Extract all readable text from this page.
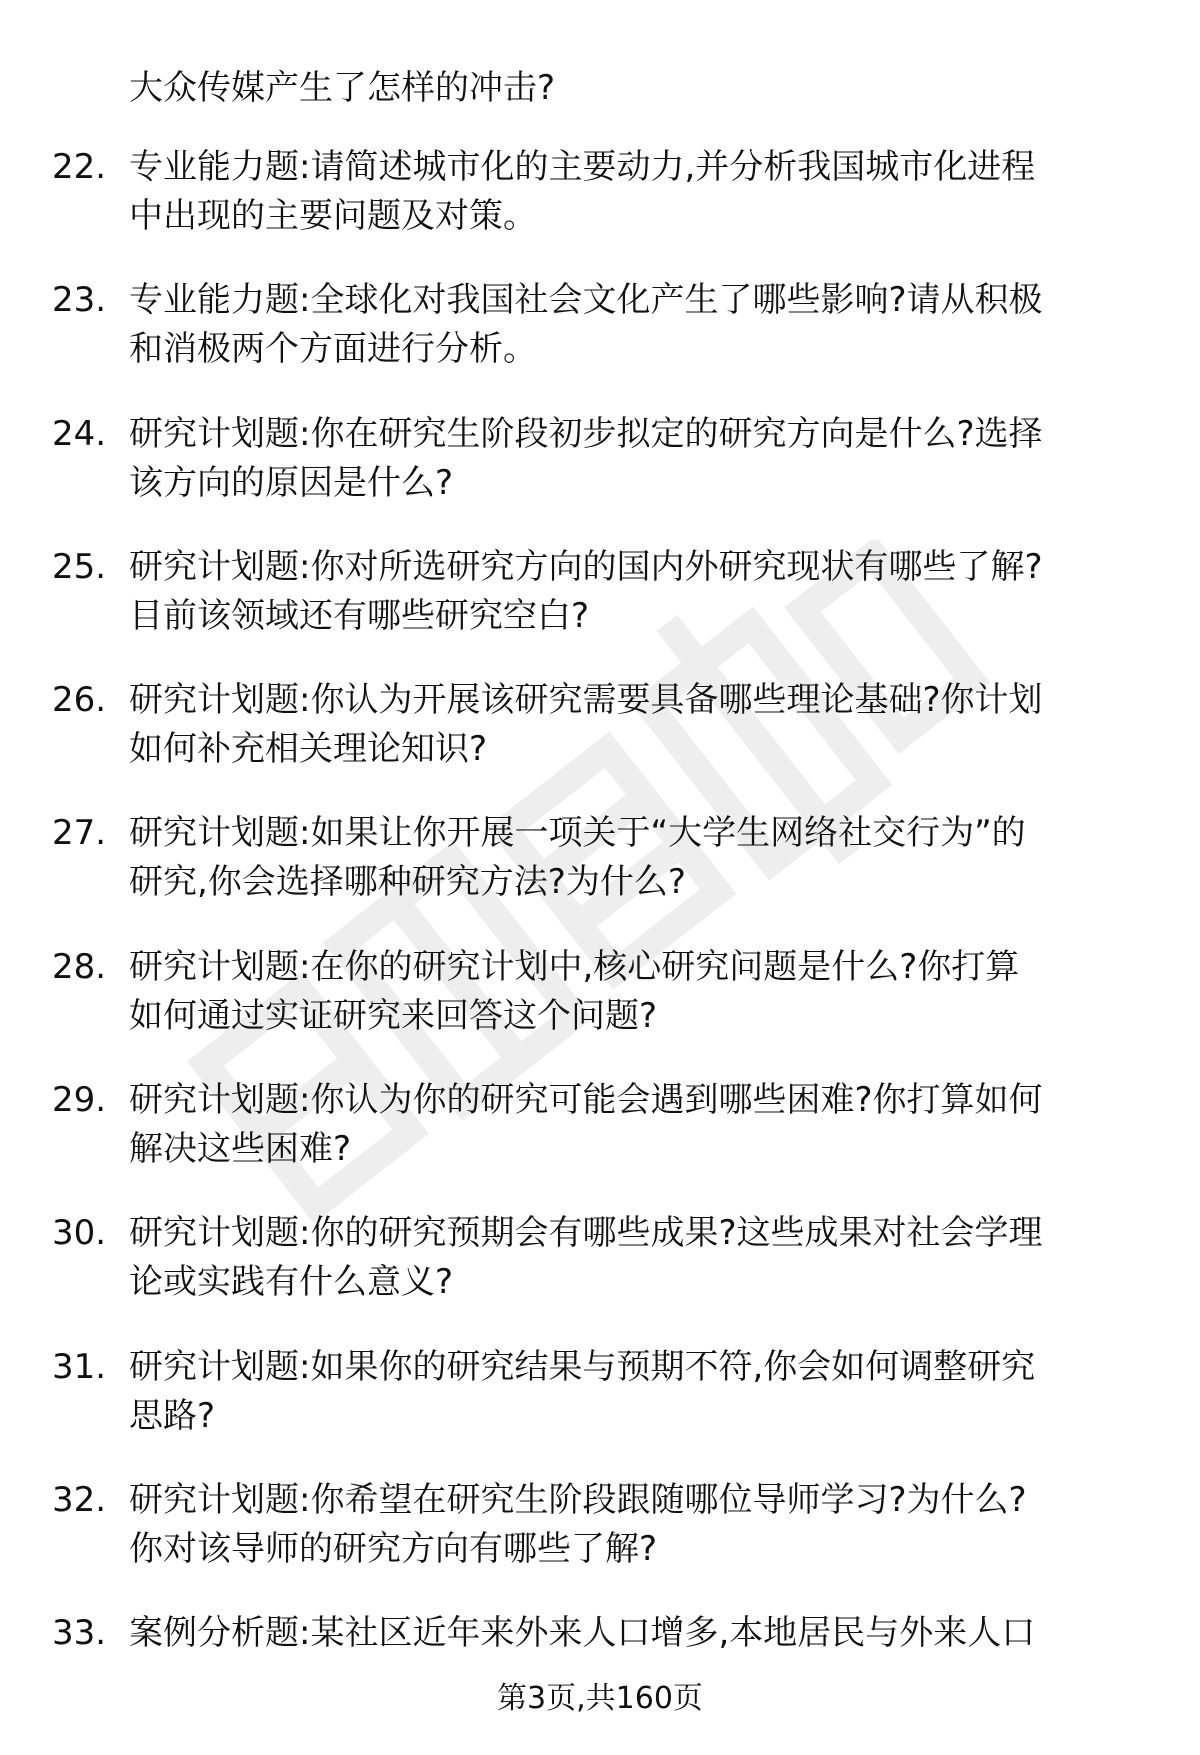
大众传媒产生了怎样的冲击?
22. 专业能力题:请简述城市化的主要动力,并分析我国城市化进程
中出现的主要问题及对策。
23. 专业能力题:全球化对我国社会文化产生了哪些影响?请从积极
和消极两个方面进行分析。
24. 研究计划题:你在研究生阶段初步拟定的研究方向是什么?选择
该方向的原因是什么?
25. 研究计划题:你对所选研究方向的国内外研究现状有哪些了解?
目前该领域还有哪些研究空白?
26. 研究计划题:你认为开展该研究需要具备哪些理论基础?你计划
如何补充相关理论知识?
27. 研究计划题:如果让你开展一项关于“大学生网络社交行为”的
研究,你会选择哪种研究方法?为什么?
28. 研究计划题:在你的研究计划中,核心研究问题是什么?你打算
如何通过实证研究来回答这个问题?
29. 研究计划题:你认为你的研究可能会遇到哪些困难?你打算如何
解决这些困难?
30. 研究计划题:你的研究预期会有哪些成果?这些成果对社会学理
论或实践有什么意义?
31. 研究计划题:如果你的研究结果与预期不符,你会如何调整研究
思路?
32. 研究计划题:你希望在研究生阶段跟随哪位导师学习?为什么?
你对该导师的研究方向有哪些了解?
33. 案例分析题:某社区近年来外来人口增多,本地居民与外来人口
第3页,共160页
